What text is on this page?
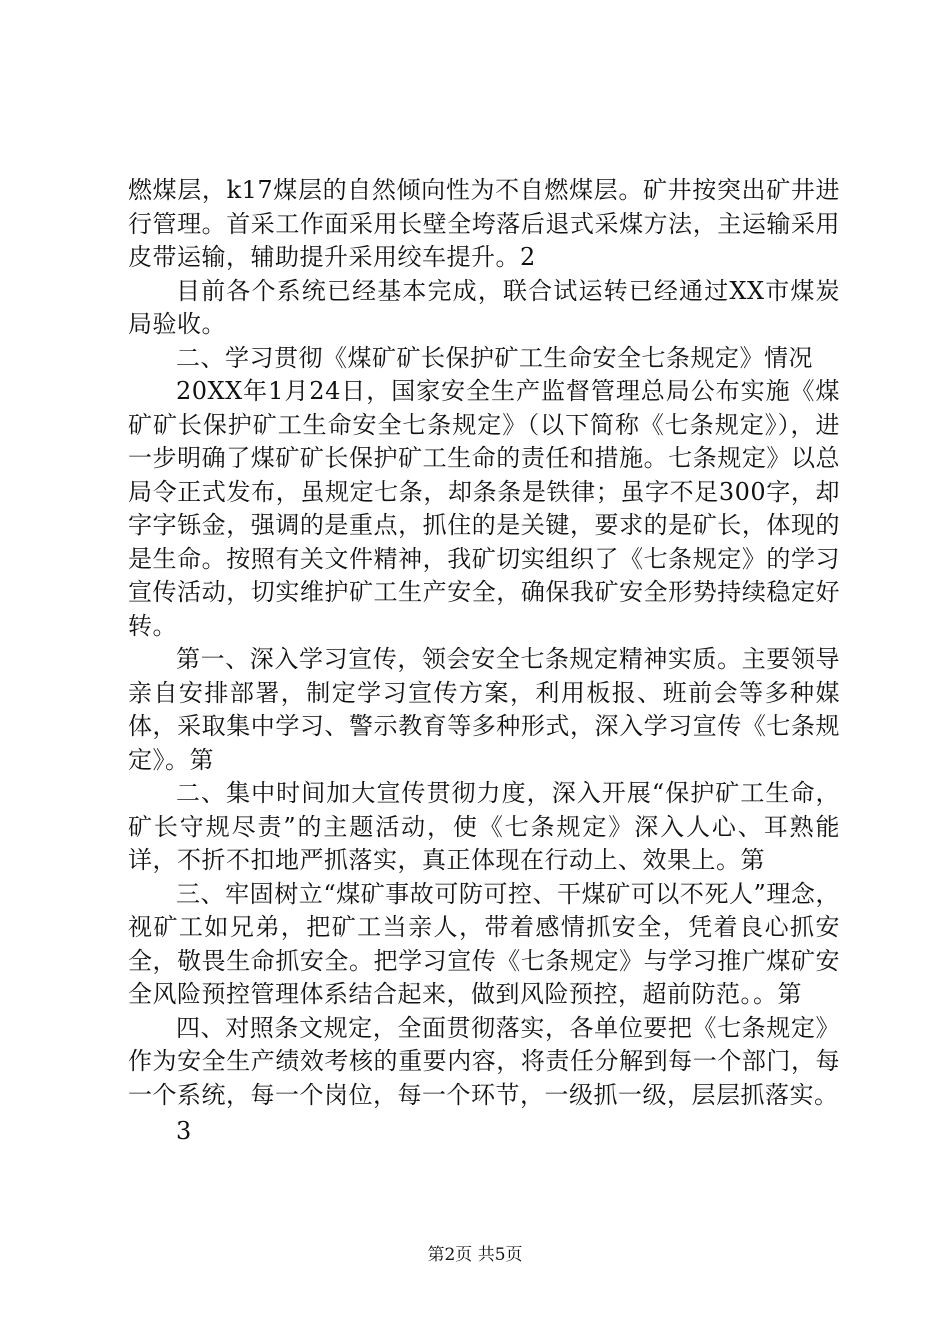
燃煤层，k17煤层的自然倾向性为不自燃煤层。矿井按突出矿井进行管理。首采工作面采用长壁全垮落后退式采煤方法，主运输采用皮带运输，辅助提升采用绞车提升。2

目前各个系统已经基本完成，联合试运转已经通过XX市煤炭局验收。

二、学习贯彻《煤矿矿长保护矿工生命安全七条规定》情况

20XX年1月24日，国家安全生产监督管理总局公布实施《煤矿矿长保护矿工生命安全七条规定》（以下简称《七条规定》），进一步明确了煤矿矿长保护矿工生命的责任和措施。七条规定》以总局令正式发布，虽规定七条，却条条是铁律；虽字不足300字，却字字铄金，强调的是重点，抓住的是关键，要求的是矿长，体现的是生命。按照有关文件精神，我矿切实组织了《七条规定》的学习宣传活动，切实维护矿工生产安全，确保我矿安全形势持续稳定好转。

第一、深入学习宣传，领会安全七条规定精神实质。主要领导亲自安排部署，制定学习宣传方案，利用板报、班前会等多种媒体，采取集中学习、警示教育等多种形式，深入学习宣传《七条规定》。第

二、集中时间加大宣传贯彻力度，深入开展“保护矿工生命，矿长守规尽责”的主题活动，使《七条规定》深入人心、耳熟能详，不折不扣地严抓落实，真正体现在行动上、效果上。第

三、牢固树立“煤矿事故可防可控、干煤矿可以不死人”理念，视矿工如兄弟，把矿工当亲人，带着感情抓安全，凭着良心抓安全，敬畏生命抓安全。把学习宣传《七条规定》与学习推广煤矿安全风险预控管理体系结合起来，做到风险预控，超前防范。。第

四、对照条文规定，全面贯彻落实，各单位要把《七条规定》作为安全生产绩效考核的重要内容，将责任分解到每一个部门，每一个系统，每一个岗位，每一个环节，一级抓一级，层层抓落实。

3

第2页 共5页
